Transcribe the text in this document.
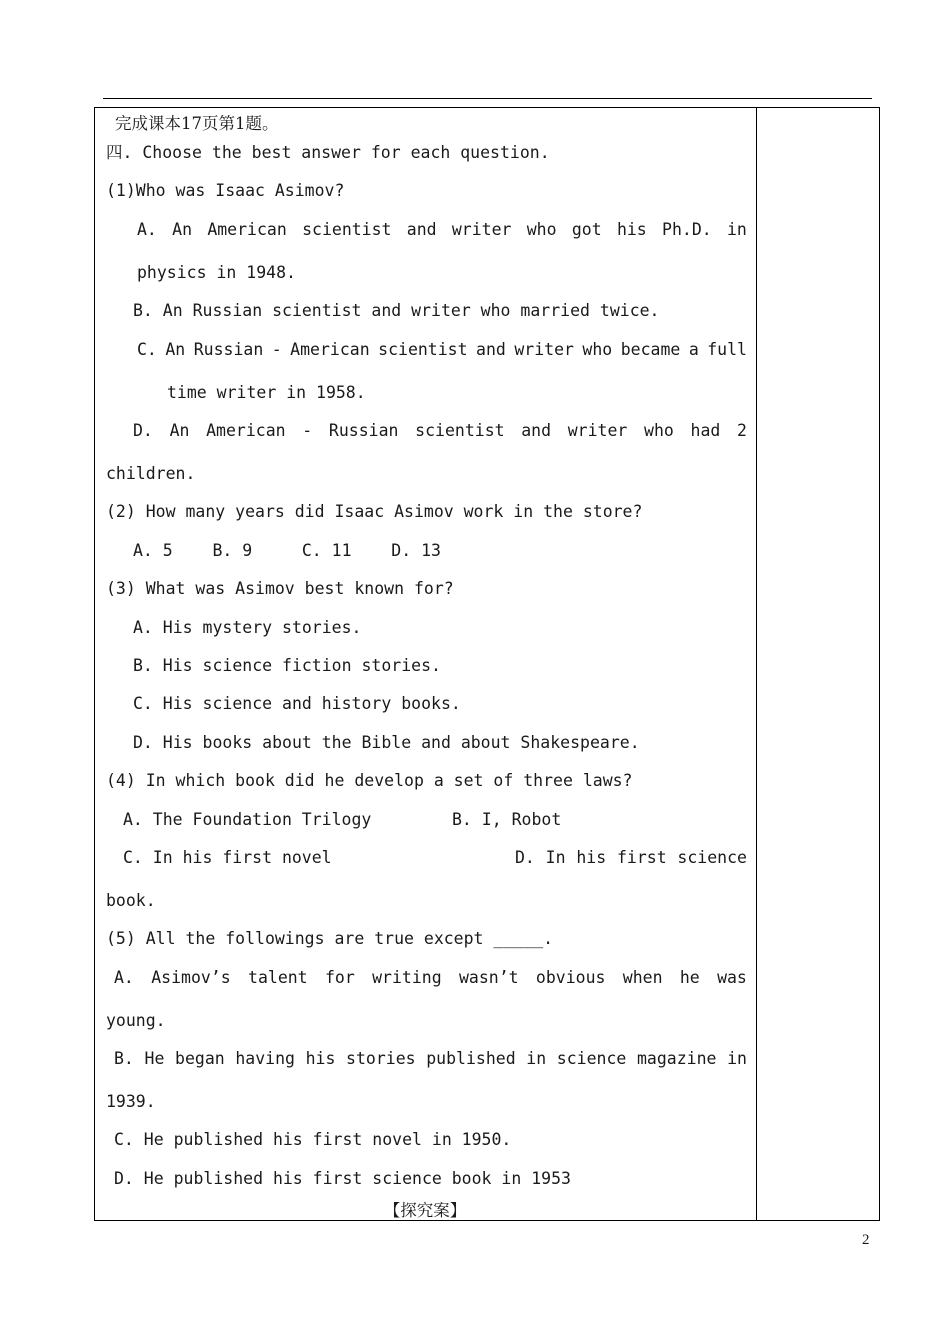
完成课本17页第1题。
四. Choose the best answer for each question.
(1)Who was Isaac Asimov?
A. An American scientist and writer who got his Ph.D. in
physics in 1948.
B. An Russian scientist and writer who married twice.
C. An Russian - American scientist and writer who became a full
time writer in 1958.
D. An American - Russian scientist and writer who had 2
children.
(2) How many years did Isaac Asimov work in the store?
A. 5    B. 9     C. 11    D. 13
(3) What was Asimov best known for?
A. His mystery stories.
B. His science fiction stories.
C. His science and history books.
D. His books about the Bible and about Shakespeare.
(4) In which book did he develop a set of three laws?
A. The Foundation Trilogy	B. I, Robot
C. In his first novel	D. In his first science
book.
(5) All the followings are true except _____.
A. Asimov’s talent for writing wasn’t obvious when he was
young.
B. He began having his stories published in science magazine in
1939.
C. He published his first novel in 1950.
D. He published his first science book in 1953
【探究案】
2
